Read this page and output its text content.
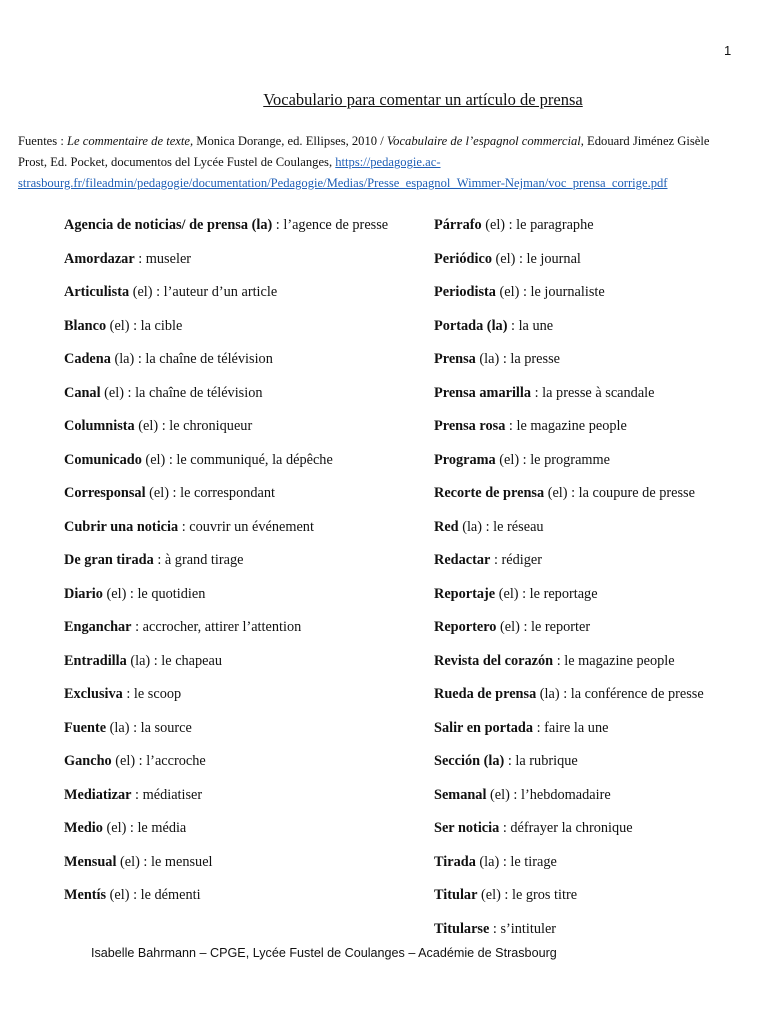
1
Vocabulario para comentar un artículo de prensa
Fuentes : Le commentaire de texte, Monica Dorange, ed. Ellipses, 2010 / Vocabulaire de l’espagnol commercial, Edouard Jiménez Gisèle Prost, Ed. Pocket, documentos del Lycée Fustel de Coulanges, https://pedagogie.ac-strasbourg.fr/fileadmin/pedagogie/documentation/Pedagogie/Medias/Presse_espagnol_Wimmer-Nejman/voc_prensa_corrige.pdf
Agencia de noticias/ de prensa (la) : l’agence de presse
Amordazar : museler
Articulista (el) : l’auteur d’un article
Blanco (el) : la cible
Cadena (la) : la chaîne de télévision
Canal (el) : la chaîne de télévision
Columnista (el) : le chroniqueur
Comunicado (el) : le communiqué, la dépêche
Corresponsal (el) : le correspondant
Cubrir una noticia : couvrir un événement
De gran tirada : à grand tirage
Diario (el) : le quotidien
Enganchar : accrocher, attirer l’attention
Entradilla (la) : le chapeau
Exclusiva : le scoop
Fuente (la) : la source
Gancho (el) : l’accroche
Mediatizar : médiatiser
Medio (el) : le média
Mensual (el) : le mensuel
Mentís (el) : le démenti
Párrafo (el) : le paragraphe
Periódico (el) : le journal
Periodista (el) : le journaliste
Portada (la) : la une
Prensa (la) : la presse
Prensa amarilla : la presse à scandale
Prensa rosa : le magazine people
Programa (el) : le programme
Recorte de prensa (el) : la coupure de presse
Red (la) : le réseau
Redactar : rédiger
Reportaje (el) : le reportage
Reportero (el) : le reporter
Revista del corazón : le magazine people
Rueda de prensa (la) : la conférence de presse
Salir en portada : faire la une
Sección (la) : la rubrique
Semanal (el) : l’hebdomadaire
Ser noticia : défrayer la chronique
Tirada (la) : le tirage
Titular (el) : le gros titre
Titularse : s’intituler
Isabelle Bahrmann – CPGE, Lycée Fustel de Coulanges – Académie de Strasbourg
